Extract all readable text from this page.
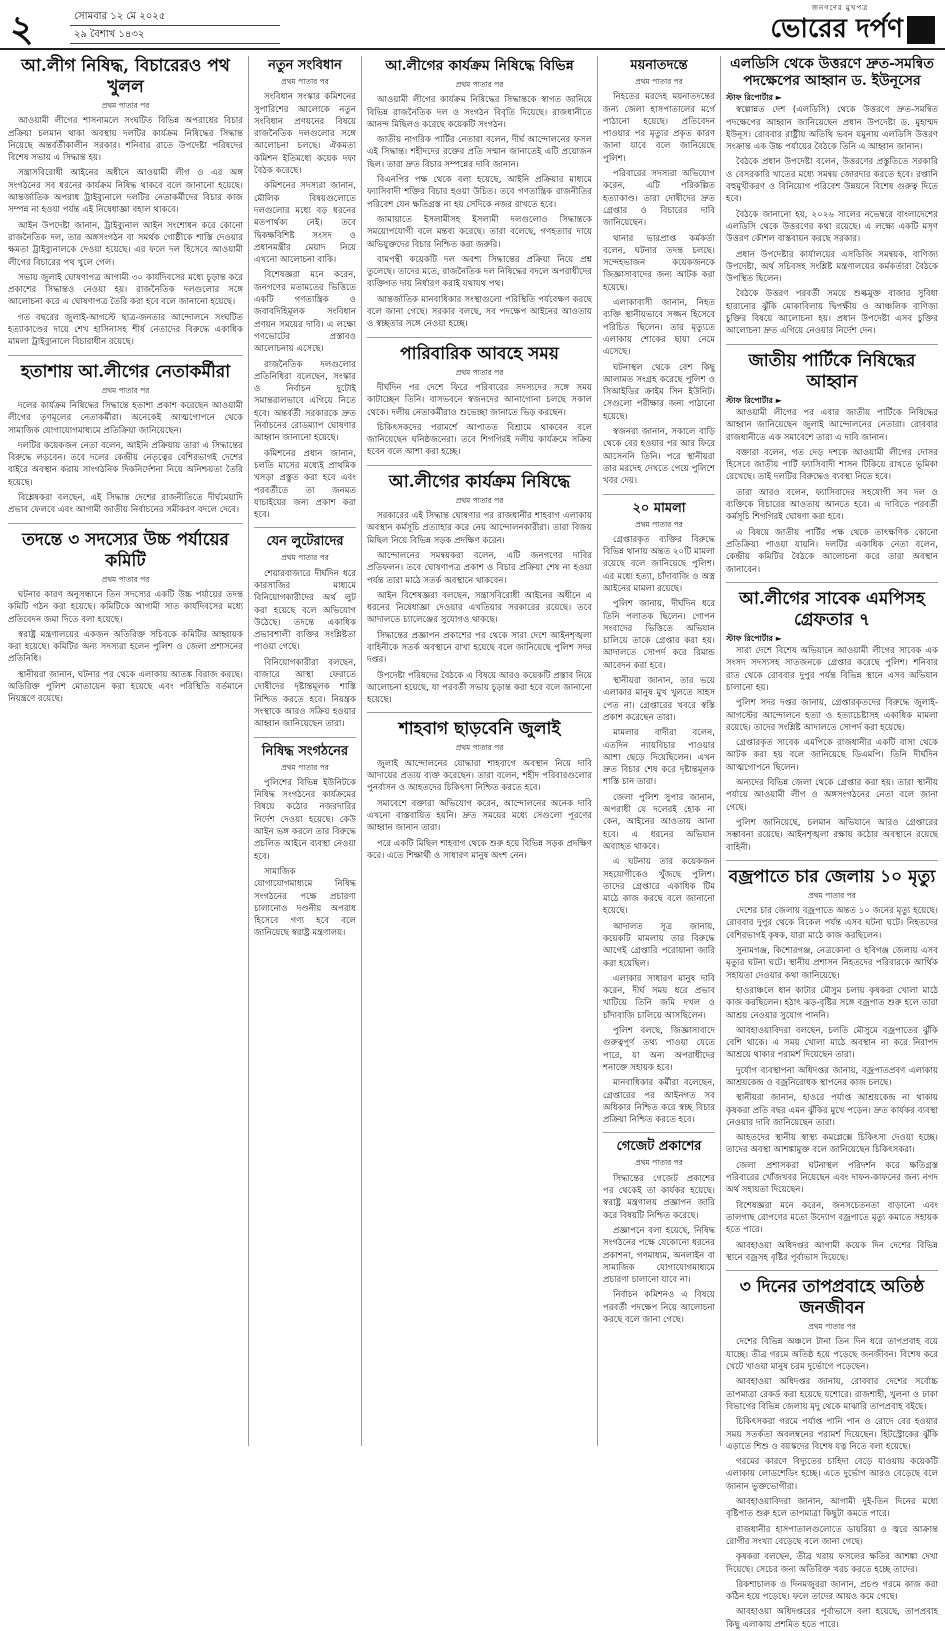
২	সোমবার ১২ মে ২০২৫
২৯ বৈশাখ ১৪৩২
জনগণের মুখপত্র
ভোরের দর্পণ
আ.লীগ নিষিদ্ধ, বিচারেরও পথ খুলল
প্রথম পাতার পর

আওয়ামী লীগের শাসনামলে সংঘটিত বিভিন্ন অপরাধের বিচার প্রক্রিয়া চলমান থাকা অবস্থায় দলটির কার্যক্রম নিষিদ্ধের সিদ্ধান্ত নিয়েছে অন্তর্বর্তীকালীন সরকার। শনিবার রাতে উপদেষ্টা পরিষদের বিশেষ সভায় এ সিদ্ধান্ত হয়।

সন্ত্রাসবিরোধী আইনের অধীনে আওয়ামী লীগ ও এর অঙ্গ সংগঠনের সব ধরনের কার্যক্রম নিষিদ্ধ থাকবে বলে জানানো হয়েছে। আন্তর্জাতিক অপরাধ ট্রাইব্যুনালে দলটির নেতাকর্মীদের বিচার কাজ সম্পন্ন না হওয়া পর্যন্ত এই নিষেধাজ্ঞা বহাল থাকবে।

আইন উপদেষ্টা জানান, ট্রাইব্যুনাল আইন সংশোধন করে কোনো রাজনৈতিক দল, তার অঙ্গসংগঠন বা সমর্থক গোষ্ঠীকে শাস্তি দেওয়ার ক্ষমতা ট্রাইব্যুনালকে দেওয়া হয়েছে। এর ফলে দল হিসেবে আওয়ামী লীগের বিচারের পথ খুলে গেল।

সভায় জুলাই ঘোষণাপত্র আগামী ৩০ কার্যদিবসের মধ্যে চূড়ান্ত করে প্রকাশের সিদ্ধান্তও নেওয়া হয়। রাজনৈতিক দলগুলোর সঙ্গে আলোচনা করে এ ঘোষণাপত্র তৈরি করা হবে বলে জানানো হয়েছে।

গত বছরের জুলাই-আগস্টে ছাত্র-জনতার আন্দোলনে সংঘটিত হত্যাকাণ্ডের দায়ে শেখ হাসিনাসহ শীর্ষ নেতাদের বিরুদ্ধে একাধিক মামলা ট্রাইব্যুনালে বিচারাধীন রয়েছে।

হতাশায় আ.লীগের নেতাকর্মীরা
প্রথম পাতার পর

দলের কার্যক্রম নিষিদ্ধের সিদ্ধান্তে হতাশা প্রকাশ করেছেন আওয়ামী লীগের তৃণমূলের নেতাকর্মীরা। অনেকেই আত্মগোপনে থেকে সামাজিক যোগাযোগমাধ্যমে প্রতিক্রিয়া জানিয়েছেন।

দলটির কয়েকজন নেতা বলেন, আইনি প্রক্রিয়ায় তারা এ সিদ্ধান্তের বিরুদ্ধে লড়বেন। তবে দলের কেন্দ্রীয় নেতৃত্বের বেশিরভাগই দেশের বাইরে অবস্থান করায় সাংগঠনিক দিকনির্দেশনা নিয়ে অনিশ্চয়তা তৈরি হয়েছে।

বিশ্লেষকরা বলছেন, এই সিদ্ধান্ত দেশের রাজনীতিতে দীর্ঘমেয়াদি প্রভাব ফেলবে এবং আগামী জাতীয় নির্বাচনের সমীকরণ বদলে দেবে।

তদন্তে ৩ সদস্যের উচ্চ পর্যায়ের কমিটি
প্রথম পাতার পর

ঘটনার কারণ অনুসন্ধানে তিন সদস্যের একটি উচ্চ পর্যায়ের তদন্ত কমিটি গঠন করা হয়েছে। কমিটিকে আগামী সাত কার্যদিবসের মধ্যে প্রতিবেদন জমা দিতে বলা হয়েছে।

স্বরাষ্ট্র মন্ত্রণালয়ের একজন অতিরিক্ত সচিবকে কমিটির আহ্বায়ক করা হয়েছে। কমিটির অন্য সদস্যরা হলেন পুলিশ ও জেলা প্রশাসনের প্রতিনিধি।

স্থানীয়রা জানান, ঘটনার পর থেকে এলাকায় আতঙ্ক বিরাজ করছে। অতিরিক্ত পুলিশ মোতায়েন করা হয়েছে এবং পরিস্থিতি বর্তমানে নিয়ন্ত্রণে রয়েছে।

নতুন সংবিধান
প্রথম পাতার পর

সংবিধান সংস্কার কমিশনের সুপারিশের আলোকে নতুন সংবিধান প্রণয়নের বিষয়ে রাজনৈতিক দলগুলোর সঙ্গে আলোচনা চলছে। ঐকমত্য কমিশন ইতিমধ্যে কয়েক দফা বৈঠক করেছে।

কমিশনের সদস্যরা জানান, মৌলিক বিষয়গুলোতে দলগুলোর মধ্যে বড় ধরনের মতপার্থক্য নেই। তবে দ্বিকক্ষবিশিষ্ট সংসদ ও প্রধানমন্ত্রীর মেয়াদ নিয়ে এখনো আলোচনা বাকি।

বিশেষজ্ঞরা মনে করেন, জনগণের মতামতের ভিত্তিতে একটি গণতান্ত্রিক ও জবাবদিহিমূলক সংবিধান প্রণয়ন সময়ের দাবি। এ লক্ষ্যে গণভোটের প্রস্তাবও আলোচনায় এসেছে।

রাজনৈতিক দলগুলোর প্রতিনিধিরা বলেছেন, সংস্কার ও নির্বাচন দুটোই সমান্তরালভাবে এগিয়ে নিতে হবে। অন্তর্বর্তী সরকারকে দ্রুত নির্বাচনের রোডম্যাপ ঘোষণার আহ্বান জানানো হয়েছে।

কমিশনের প্রধান জানান, চলতি মাসের মধ্যেই প্রাথমিক খসড়া প্রস্তুত করা হবে এবং পরবর্তীতে তা জনমত যাচাইয়ের জন্য প্রকাশ করা হবে।

যেন লুটেরাদের
প্রথম পাতার পর

শেয়ারবাজারে দীর্ঘদিন ধরে কারসাজির মাধ্যমে বিনিয়োগকারীদের অর্থ লুট করা হয়েছে বলে অভিযোগ উঠেছে। তদন্তে একাধিক প্রভাবশালী ব্যক্তির সংশ্লিষ্টতা পাওয়া গেছে।

বিনিয়োগকারীরা বলছেন, বাজারে আস্থা ফেরাতে দোষীদের দৃষ্টান্তমূলক শাস্তি নিশ্চিত করতে হবে। নিয়ন্ত্রক সংস্থাকে আরও সক্রিয় হওয়ার আহ্বান জানিয়েছেন তারা।

নিষিদ্ধ সংগঠনের
প্রথম পাতার পর

পুলিশের বিভিন্ন ইউনিটকে নিষিদ্ধ সংগঠনের কার্যক্রমের বিষয়ে কঠোর নজরদারির নির্দেশ দেওয়া হয়েছে। কেউ আইন ভঙ্গ করলে তার বিরুদ্ধে প্রচলিত আইনে ব্যবস্থা নেওয়া হবে।

সামাজিক যোগাযোগমাধ্যমে নিষিদ্ধ সংগঠনের পক্ষে প্রচারণা চালানোও দণ্ডনীয় অপরাধ হিসেবে গণ্য হবে বলে জানিয়েছে স্বরাষ্ট্র মন্ত্রণালয়।

আ.লীগের কার্যক্রম নিষিদ্ধে বিভিন্ন
প্রথম পাতার পর

আওয়ামী লীগের কার্যক্রম নিষিদ্ধের সিদ্ধান্তকে স্বাগত জানিয়ে বিভিন্ন রাজনৈতিক দল ও সংগঠন বিবৃতি দিয়েছে। রাজধানীতে আনন্দ মিছিলও করেছে কয়েকটি সংগঠন।

জাতীয় নাগরিক পার্টির নেতারা বলেন, দীর্ঘ আন্দোলনের ফসল এই সিদ্ধান্ত। শহীদদের রক্তের প্রতি সম্মান জানাতেই এটি প্রয়োজন ছিল। তারা দ্রুত বিচার সম্পন্নের দাবি জানান।

বিএনপির পক্ষ থেকে বলা হয়েছে, আইনি প্রক্রিয়ার মাধ্যমে ফ্যাসিবাদী শক্তির বিচার হওয়া উচিত। তবে গণতান্ত্রিক রাজনীতির পরিবেশ যেন ক্ষতিগ্রস্ত না হয় সেদিকে নজর রাখতে হবে।

জামায়াতে ইসলামীসহ ইসলামী দলগুলোও সিদ্ধান্তকে সময়োপযোগী বলে মন্তব্য করেছে। তারা বলেছে, গণহত্যার দায়ে অভিযুক্তদের বিচার নিশ্চিত করা জরুরি।

বামপন্থী কয়েকটি দল অবশ্য সিদ্ধান্তের প্রক্রিয়া নিয়ে প্রশ্ন তুলেছে। তাদের মতে, রাজনৈতিক দল নিষিদ্ধের বদলে অপরাধীদের ব্যক্তিগত দায় নির্ধারণ করাই যথাযথ পথ।

আন্তর্জাতিক মানবাধিকার সংস্থাগুলো পরিস্থিতি পর্যবেক্ষণ করছে বলে জানা গেছে। সরকার বলছে, সব পদক্ষেপ আইনের আওতায় ও স্বচ্ছতার সঙ্গে নেওয়া হচ্ছে।

পারিবারিক আবহে সময়
প্রথম পাতার পর

দীর্ঘদিন পর দেশে ফিরে পরিবারের সদস্যদের সঙ্গে সময় কাটাচ্ছেন তিনি। বাসভবনে স্বজনদের আনাগোনা চলছে সকাল থেকে। দলীয় নেতাকর্মীরাও শুভেচ্ছা জানাতে ভিড় করছেন।

চিকিৎসকদের পরামর্শে আপাতত বিশ্রামে থাকবেন বলে জানিয়েছেন ঘনিষ্ঠজনেরা। তবে শিগগিরই দলীয় কার্যক্রমে সক্রিয় হবেন বলে আশা করা হচ্ছে।

আ.লীগের কার্যক্রম নিষিদ্ধে
প্রথম পাতার পর

সরকারের এই সিদ্ধান্ত ঘোষণার পর রাজধানীর শাহবাগ এলাকায় অবস্থান কর্মসূচি প্রত্যাহার করে নেয় আন্দোলনকারীরা। তারা বিজয় মিছিল নিয়ে বিভিন্ন সড়ক প্রদক্ষিণ করেন।

আন্দোলনের সমন্বয়করা বলেন, এটি জনগণের দাবির প্রতিফলন। তবে ঘোষণাপত্র প্রকাশ ও বিচার প্রক্রিয়া শেষ না হওয়া পর্যন্ত তারা মাঠে সতর্ক অবস্থানে থাকবেন।

আইন বিশেষজ্ঞরা বলছেন, সন্ত্রাসবিরোধী আইনের অধীনে এ ধরনের নিষেধাজ্ঞা দেওয়ার এখতিয়ার সরকারের রয়েছে। তবে আদালতে চ্যালেঞ্জের সুযোগও থাকছে।

সিদ্ধান্তের প্রজ্ঞাপন প্রকাশের পর থেকে সারা দেশে আইনশৃঙ্খলা বাহিনীকে সতর্ক অবস্থানে রাখা হয়েছে বলে জানিয়েছে পুলিশ সদর দপ্তর।

উপদেষ্টা পরিষদের বৈঠকে এ বিষয়ে আরও কয়েকটি প্রস্তাব নিয়ে আলোচনা হয়েছে, যা পরবর্তী সভায় চূড়ান্ত করা হবে বলে জানানো হয়েছে।

শাহবাগ ছাড়বেনি জুলাই
প্রথম পাতার পর

জুলাই আন্দোলনের যোদ্ধারা শাহবাগে অবস্থান নিয়ে দাবি আদায়ের প্রত্যয় ব্যক্ত করেছেন। তারা বলেন, শহীদ পরিবারগুলোর পুনর্বাসন ও আহতদের চিকিৎসা নিশ্চিত করতে হবে।

সমাবেশে বক্তারা অভিযোগ করেন, আন্দোলনের অনেক দাবি এখনো বাস্তবায়িত হয়নি। দ্রুত সময়ের মধ্যে সেগুলো পূরণের আহ্বান জানান তারা।

পরে একটি মিছিল শাহবাগ থেকে শুরু হয়ে বিভিন্ন সড়ক প্রদক্ষিণ করে। এতে শিক্ষার্থী ও সাধারণ মানুষ অংশ নেন।

ময়নাতদন্তে
প্রথম পাতার পর

নিহতের মরদেহ ময়নাতদন্তের জন্য জেলা হাসপাতালের মর্গে পাঠানো হয়েছে। প্রতিবেদন পাওয়ার পর মৃত্যুর প্রকৃত কারণ জানা যাবে বলে জানিয়েছে পুলিশ।

পরিবারের সদস্যরা অভিযোগ করেন, এটি পরিকল্পিত হত্যাকাণ্ড। তারা দোষীদের দ্রুত গ্রেপ্তার ও বিচারের দাবি জানিয়েছেন।

থানার ভারপ্রাপ্ত কর্মকর্তা বলেন, ঘটনার তদন্ত চলছে। সন্দেহভাজন কয়েকজনকে জিজ্ঞাসাবাদের জন্য আটক করা হয়েছে।

এলাকাবাসী জানান, নিহত ব্যক্তি স্থানীয়ভাবে সজ্জন হিসেবে পরিচিত ছিলেন। তার মৃত্যুতে এলাকায় শোকের ছায়া নেমে এসেছে।

ঘটনাস্থল থেকে বেশ কিছু আলামত সংগ্রহ করেছে পুলিশ ও সিআইডির ক্রাইম সিন ইউনিট। সেগুলো পরীক্ষার জন্য পাঠানো হয়েছে।

স্বজনরা জানান, সকালে বাড়ি থেকে বের হওয়ার পর আর ফিরে আসেননি তিনি। পরে স্থানীয়রা তার মরদেহ দেখতে পেয়ে পুলিশে খবর দেয়।

২০ মামলা
প্রথম পাতার পর

গ্রেপ্তারকৃত ব্যক্তির বিরুদ্ধে বিভিন্ন থানায় অন্তত ২০টি মামলা রয়েছে বলে জানিয়েছে পুলিশ। এর মধ্যে হত্যা, চাঁদাবাজি ও অস্ত্র আইনের মামলা রয়েছে।

পুলিশ জানায়, দীর্ঘদিন ধরে তিনি পলাতক ছিলেন। গোপন সংবাদের ভিত্তিতে অভিযান চালিয়ে তাকে গ্রেপ্তার করা হয়। আদালতে সোপর্দ করে রিমান্ড আবেদন করা হবে।

স্থানীয়রা জানান, তার ভয়ে এলাকার মানুষ মুখ খুলতে সাহস পেত না। গ্রেপ্তারের খবরে স্বস্তি প্রকাশ করেছেন তারা।

মামলার বাদীরা বলেন, এতদিন ন্যায়বিচার পাওয়ার আশা ছেড়ে দিয়েছিলেন। এখন দ্রুত বিচার শেষ করে দৃষ্টান্তমূলক শাস্তি চান তারা।

জেলা পুলিশ সুপার জানান, অপরাধী যে দলেরই হোক না কেন, আইনের আওতায় আনা হবে। এ ধরনের অভিযান অব্যাহত থাকবে।

এ ঘটনায় তার কয়েকজন সহযোগীকেও খুঁজছে পুলিশ। তাদের গ্রেপ্তারে একাধিক টিম মাঠে কাজ করছে বলে জানানো হয়েছে।

আদালত সূত্র জানায়, কয়েকটি মামলায় তার বিরুদ্ধে আগেই গ্রেপ্তারি পরোয়ানা জারি করা হয়েছিল।

এলাকার সাধারণ মানুষ দাবি করেন, দীর্ঘ সময় ধরে প্রভাব খাটিয়ে তিনি জমি দখল ও চাঁদাবাজি চালিয়ে আসছিলেন।

পুলিশ বলছে, জিজ্ঞাসাবাদে গুরুত্বপূর্ণ তথ্য পাওয়া যেতে পারে, যা অন্য অপরাধীদের শনাক্তে সহায়ক হবে।

মানবাধিকার কর্মীরা বলেছেন, গ্রেপ্তারের পর আইনগত সব অধিকার নিশ্চিত করে স্বচ্ছ বিচার প্রক্রিয়া নিশ্চিত করতে হবে।

গেজেট প্রকাশের
প্রথম পাতার পর

সিদ্ধান্তের গেজেট প্রকাশের পর থেকেই তা কার্যকর হয়েছে। স্বরাষ্ট্র মন্ত্রণালয় প্রজ্ঞাপন জারি করে বিষয়টি নিশ্চিত করেছে।

প্রজ্ঞাপনে বলা হয়েছে, নিষিদ্ধ সংগঠনের পক্ষে যেকোনো ধরনের প্রকাশনা, গণমাধ্যম, অনলাইন বা সামাজিক যোগাযোগমাধ্যমে প্রচারণা চালানো যাবে না।

নির্বাচন কমিশনও এ বিষয়ে পরবর্তী পদক্ষেপ নিয়ে আলোচনা করছে বলে জানা গেছে।

এলডিসি থেকে উত্তরণে দ্রুত-সমন্বিত পদক্ষেপের আহ্বান ড. ইউনূসের
স্টাফ রিপোর্টার ►

স্বল্পোন্নত দেশ (এলডিসি) থেকে উত্তরণে দ্রুত-সমন্বিত পদক্ষেপের আহ্বান জানিয়েছেন প্রধান উপদেষ্টা ড. মুহাম্মদ ইউনূস। রোববার রাষ্ট্রীয় অতিথি ভবন যমুনায় এলডিসি উত্তরণ সংক্রান্ত এক উচ্চ পর্যায়ের বৈঠকে তিনি এ আহ্বান জানান।

বৈঠকে প্রধান উপদেষ্টা বলেন, উত্তরণের প্রস্তুতিতে সরকারি ও বেসরকারি খাতের মধ্যে সমন্বয় জোরদার করতে হবে। রপ্তানি বহুমুখীকরণ ও বিনিয়োগ পরিবেশ উন্নয়নে বিশেষ গুরুত্ব দিতে হবে।

বৈঠকে জানানো হয়, ২০২৬ সালের নভেম্বরে বাংলাদেশের এলডিসি থেকে উত্তরণের কথা রয়েছে। এ লক্ষ্যে একটি মসৃণ উত্তরণ কৌশল বাস্তবায়ন করছে সরকার।

প্রধান উপদেষ্টার কার্যালয়ের এসডিজি সমন্বয়ক, বাণিজ্য উপদেষ্টা, অর্থ সচিবসহ সংশ্লিষ্ট মন্ত্রণালয়ের কর্মকর্তারা বৈঠকে উপস্থিত ছিলেন।

বৈঠকে উত্তরণ পরবর্তী সময়ে শুল্কমুক্ত বাজার সুবিধা হারানোর ঝুঁকি মোকাবিলায় দ্বিপক্ষীয় ও আঞ্চলিক বাণিজ্য চুক্তির বিষয়ে আলোচনা হয়। প্রধান উপদেষ্টা এসব চুক্তির আলোচনা দ্রুত এগিয়ে নেওয়ার নির্দেশ দেন।

জাতীয় পার্টিকে নিষিদ্ধের আহ্বান
স্টাফ রিপোর্টার ►

আওয়ামী লীগের পর এবার জাতীয় পার্টিকে নিষিদ্ধের আহ্বান জানিয়েছেন জুলাই আন্দোলনের নেতারা। রোববার রাজধানীতে এক সমাবেশে তারা এ দাবি জানান।

বক্তারা বলেন, গত দেড় দশকে আওয়ামী লীগের দোসর হিসেবে জাতীয় পার্টি ফ্যাসিবাদী শাসন টিকিয়ে রাখতে ভূমিকা রেখেছে। তাই দলটির বিরুদ্ধেও ব্যবস্থা নিতে হবে।

তারা আরও বলেন, ফ্যাসিবাদের সহযোগী সব দল ও ব্যক্তিকে বিচারের আওতায় আনতে হবে। এ দাবিতে পরবর্তী কর্মসূচি শিগগিরই ঘোষণা করা হবে।

এ বিষয়ে জাতীয় পার্টির পক্ষ থেকে তাৎক্ষণিক কোনো প্রতিক্রিয়া পাওয়া যায়নি। দলটির একাধিক নেতা বলেন, কেন্দ্রীয় কমিটির বৈঠকে আলোচনা করে তারা অবস্থান জানাবেন।

আ.লীগের সাবেক এমপিসহ গ্রেফতার ৭
স্টাফ রিপোর্টার ►

সারা দেশে বিশেষ অভিযানে আওয়ামী লীগের সাবেক এক সংসদ সদস্যসহ সাতজনকে গ্রেপ্তার করেছে পুলিশ। শনিবার রাত থেকে রোববার দুপুর পর্যন্ত বিভিন্ন স্থানে এসব অভিযান চালানো হয়।

পুলিশ সদর দপ্তর জানায়, গ্রেপ্তারকৃতদের বিরুদ্ধে জুলাই-আগস্টের আন্দোলনে হত্যা ও হত্যাচেষ্টাসহ একাধিক মামলা রয়েছে। তাদের সংশ্লিষ্ট আদালতে সোপর্দ করা হয়েছে।

গ্রেপ্তারকৃত সাবেক এমপিকে রাজধানীর একটি বাসা থেকে আটক করা হয় বলে জানিয়েছে ডিএমপি। তিনি দীর্ঘদিন আত্মগোপনে ছিলেন।

অন্যদের বিভিন্ন জেলা থেকে গ্রেপ্তার করা হয়। তারা স্থানীয় পর্যায়ে আওয়ামী লীগ ও অঙ্গসংগঠনের নেতা বলে জানা গেছে।

পুলিশ জানিয়েছে, চলমান অভিযানে আরও গ্রেপ্তারের সম্ভাবনা রয়েছে। আইনশৃঙ্খলা রক্ষায় কঠোর অবস্থানে রয়েছে বাহিনী।

বজ্রপাতে চার জেলায় ১০ মৃত্যু
প্রথম পাতার পর

দেশের চার জেলায় বজ্রপাতে অন্তত ১০ জনের মৃত্যু হয়েছে। রোববার দুপুর থেকে বিকেল পর্যন্ত এসব ঘটনা ঘটে। নিহতদের বেশিরভাগই কৃষক, যারা মাঠে কাজ করছিলেন।

সুনামগঞ্জ, কিশোরগঞ্জ, নেত্রকোনা ও হবিগঞ্জ জেলায় এসব মৃত্যুর ঘটনা ঘটে। স্থানীয় প্রশাসন নিহতদের পরিবারকে আর্থিক সহায়তা দেওয়ার কথা জানিয়েছে।

হাওরাঞ্চলে ধান কাটার মৌসুম চলায় কৃষকরা খোলা মাঠে কাজ করছিলেন। হঠাৎ ঝড়-বৃষ্টির সঙ্গে বজ্রপাত শুরু হলে তারা আশ্রয় নেওয়ার সুযোগ পাননি।

আবহাওয়াবিদরা বলছেন, চলতি মৌসুমে বজ্রপাতের ঝুঁকি বেশি থাকে। এ সময় খোলা মাঠে অবস্থান না করে নিরাপদ আশ্রয়ে থাকার পরামর্শ দিয়েছেন তারা।

দুর্যোগ ব্যবস্থাপনা অধিদপ্তর জানায়, বজ্রপাতপ্রবণ এলাকায় আশ্রয়কেন্দ্র ও বজ্রনিরোধক স্থাপনের কাজ চলছে।

স্থানীয়রা জানান, হাওরে পর্যাপ্ত আশ্রয়কেন্দ্র না থাকায় কৃষকরা প্রতি বছর এমন ঝুঁকির মুখে পড়েন। দ্রুত কার্যকর ব্যবস্থা নেওয়ার দাবি জানিয়েছেন তারা।

আহতদের স্থানীয় স্বাস্থ্য কমপ্লেক্সে চিকিৎসা দেওয়া হচ্ছে। তাদের অবস্থা আশঙ্কামুক্ত বলে জানিয়েছেন চিকিৎসকরা।

জেলা প্রশাসকরা ঘটনাস্থল পরিদর্শন করে ক্ষতিগ্রস্ত পরিবারের খোঁজখবর নিয়েছেন এবং দাফন-কাফনের জন্য নগদ অর্থ সহায়তা দিয়েছেন।

বিশেষজ্ঞরা মনে করেন, জনসচেতনতা বাড়ানো এবং তালগাছ রোপণের মতো উদ্যোগ বজ্রপাতে মৃত্যু কমাতে সহায়ক হতে পারে।

আবহাওয়া অধিদপ্তর আগামী কয়েক দিন দেশের বিভিন্ন স্থানে বজ্রসহ বৃষ্টির পূর্বাভাস দিয়েছে।

৩ দিনের তাপপ্রবাহে অতিষ্ঠ জনজীবন
প্রথম পাতার পর

দেশের বিভিন্ন অঞ্চলে টানা তিন দিন ধরে তাপপ্রবাহ বয়ে যাচ্ছে। তীব্র গরমে অতিষ্ঠ হয়ে পড়েছে জনজীবন। বিশেষ করে খেটে খাওয়া মানুষ চরম দুর্ভোগে পড়েছেন।

আবহাওয়া অধিদপ্তর জানায়, রোববার দেশের সর্বোচ্চ তাপমাত্রা রেকর্ড করা হয়েছে যশোরে। রাজশাহী, খুলনা ও ঢাকা বিভাগের বিভিন্ন জেলায় মৃদু থেকে মাঝারি তাপপ্রবাহ বইছে।

চিকিৎসকরা গরমে পর্যাপ্ত পানি পান ও রোদে বের হওয়ার সময় সতর্কতা অবলম্বনের পরামর্শ দিয়েছেন। হিটস্ট্রোকের ঝুঁকি এড়াতে শিশু ও বয়স্কদের বিশেষ যত্ন নিতে বলা হয়েছে।

গরমের কারণে বিদ্যুতের চাহিদা বেড়ে যাওয়ায় কয়েকটি এলাকায় লোডশেডিং হচ্ছে। এতে দুর্ভোগ আরও বেড়েছে বলে জানান ভুক্তভোগীরা।

আবহাওয়াবিদরা জানান, আগামী দুই-তিন দিনের মধ্যে বৃষ্টিপাত শুরু হলে তাপমাত্রা কিছুটা কমতে পারে।

রাজধানীর হাসপাতালগুলোতে ডায়রিয়া ও জ্বরে আক্রান্ত রোগীর সংখ্যা বেড়েছে বলে জানা গেছে।

কৃষকরা বলছেন, তীব্র খরায় ফসলের ক্ষতির আশঙ্কা দেখা দিয়েছে। সেচের জন্য অতিরিক্ত খরচ করতে হচ্ছে তাদের।

রিকশাচালক ও দিনমজুররা জানান, প্রচণ্ড গরমে কাজ করা কঠিন হয়ে পড়েছে। ফলে তাদের আয়ও কমে গেছে।

আবহাওয়া অধিদপ্তরের পূর্বাভাসে বলা হয়েছে, তাপপ্রবাহ কিছু এলাকায় প্রশমিত হতে পারে।
